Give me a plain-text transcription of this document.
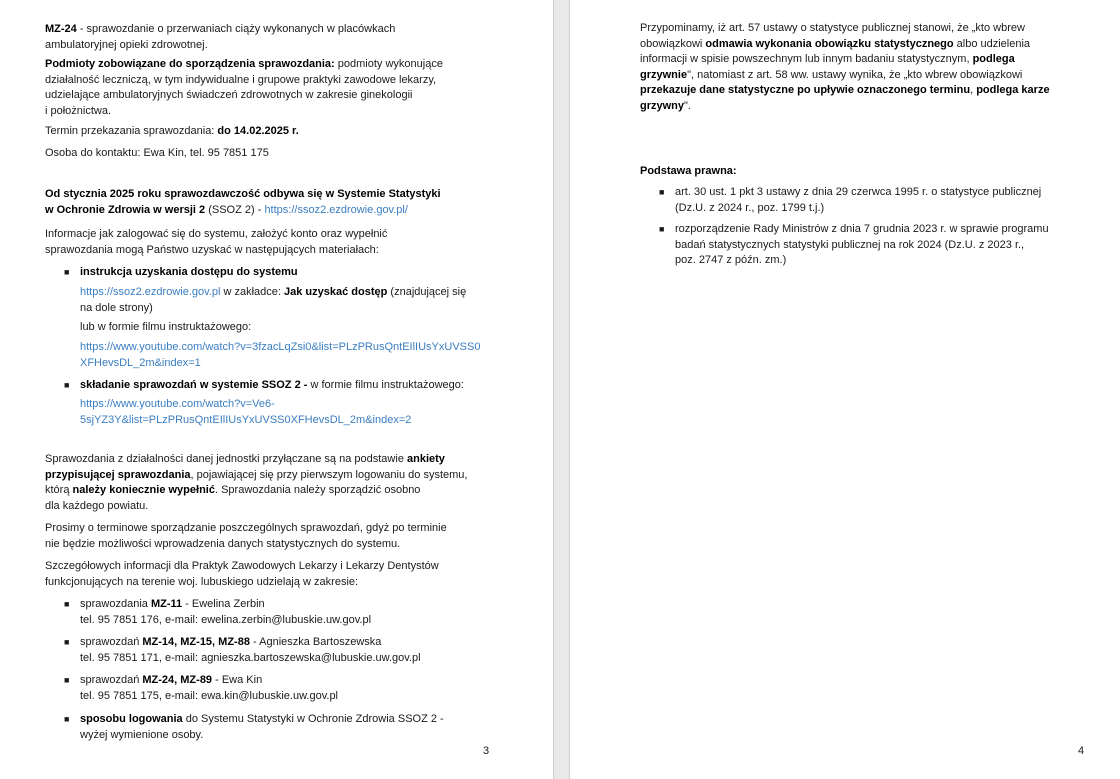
MZ-24 - sprawozdanie o przerwaniach ciąży wykonanych w placówkach

ambulatoryjnej opieki zdrowotnej.

Podmioty zobowiązane do sporządzenia sprawozdania: podmioty wykonujące

działalność leczniczą, w tym indywidualne i grupowe praktyki zawodowe lekarzy,

udzielające ambulatoryjnych świadczeń zdrowotnych w zakresie ginekologii

i położnictwa.

Termin przekazania sprawozdania: do 14.02.2025 r.

Osoba do kontaktu: Ewa Kin, tel. 95 7851 175

Od stycznia 2025 roku sprawozdawczość odbywa się w Systemie Statystyki

w Ochronie Zdrowia w wersji 2 (SSOZ 2) - https://ssoz2.ezdrowie.gov.pl/

Informacje jak zalogować się do systemu, założyć konto oraz wypełnić

sprawozdania mogą Państwo uzyskać w następujących materiałach:

■ instrukcja uzyskania dostępu do systemu

https://ssoz2.ezdrowie.gov.pl w zakładce: Jak uzyskać dostęp (znajdującej się

na dole strony)

lub w formie filmu instruktażowego:

https://www.youtube.com/watch?v=3fzacLqZsi0&list=PLzPRusQntEIlIUsYxUVSS0

XFHevsDL_2m&index=1

■ składanie sprawozdań w systemie SSOZ 2 - w formie filmu instruktażowego:

https://www.youtube.com/watch?v=Ve6-

5sjYZ3Y&list=PLzPRusQntEIlIUsYxUVSS0XFHevsDL_2m&index=2

Sprawozdania z działalności danej jednostki przyłączane są na podstawie ankiety

przypisującej sprawozdania, pojawiającej się przy pierwszym logowaniu do systemu,

którą należy koniecznie wypełnić. Sprawozdania należy sporządzić osobno

dla każdego powiatu.

Prosimy o terminowe sporządzanie poszczególnych sprawozdań, gdyż po terminie

nie będzie możliwości wprowadzenia danych statystycznych do systemu.

Szczegółowych informacji dla Praktyk Zawodowych Lekarzy i Lekarzy Dentystów

funkcjonujących na terenie woj. lubuskiego udzielają w zakresie:

■ sprawozdania MZ-11 - Ewelina Zerbin

tel. 95 7851 176, e-mail: ewelina.zerbin@lubuskie.uw.gov.pl

■ sprawozdań MZ-14, MZ-15, MZ-88 - Agnieszka Bartoszewska

tel. 95 7851 171, e-mail: agnieszka.bartoszewska@lubuskie.uw.gov.pl

■ sprawozdań MZ-24, MZ-89 - Ewa Kin

tel. 95 7851 175, e-mail: ewa.kin@lubuskie.uw.gov.pl

■ sposobu logowania do Systemu Statystyki w Ochronie Zdrowia SSOZ 2 -

wyżej wymienione osoby.

3

Przypominamy, iż art. 57 ustawy o statystyce publicznej stanowi, że „kto wbrew

obowiązkowi odmawia wykonania obowiązku statystycznego albo udzielenia

informacji w spisie powszechnym lub innym badaniu statystycznym, podlega

grzywnie", natomiast z art. 58 ww. ustawy wynika, że „kto wbrew obowiązkowi

przekazuje dane statystyczne po upływie oznaczonego terminu, podlega karze

grzywny".

Podstawa prawna:

■ art. 30 ust. 1 pkt 3 ustawy z dnia 29 czerwca 1995 r. o statystyce publicznej

(Dz.U. z 2024 r., poz. 1799 t.j.)

■ rozporządzenie Rady Ministrów z dnia 7 grudnia 2023 r. w sprawie programu

badań statystycznych statystyki publicznej na rok 2024 (Dz.U. z 2023 r.,

poz. 2747 z późn. zm.)

4
